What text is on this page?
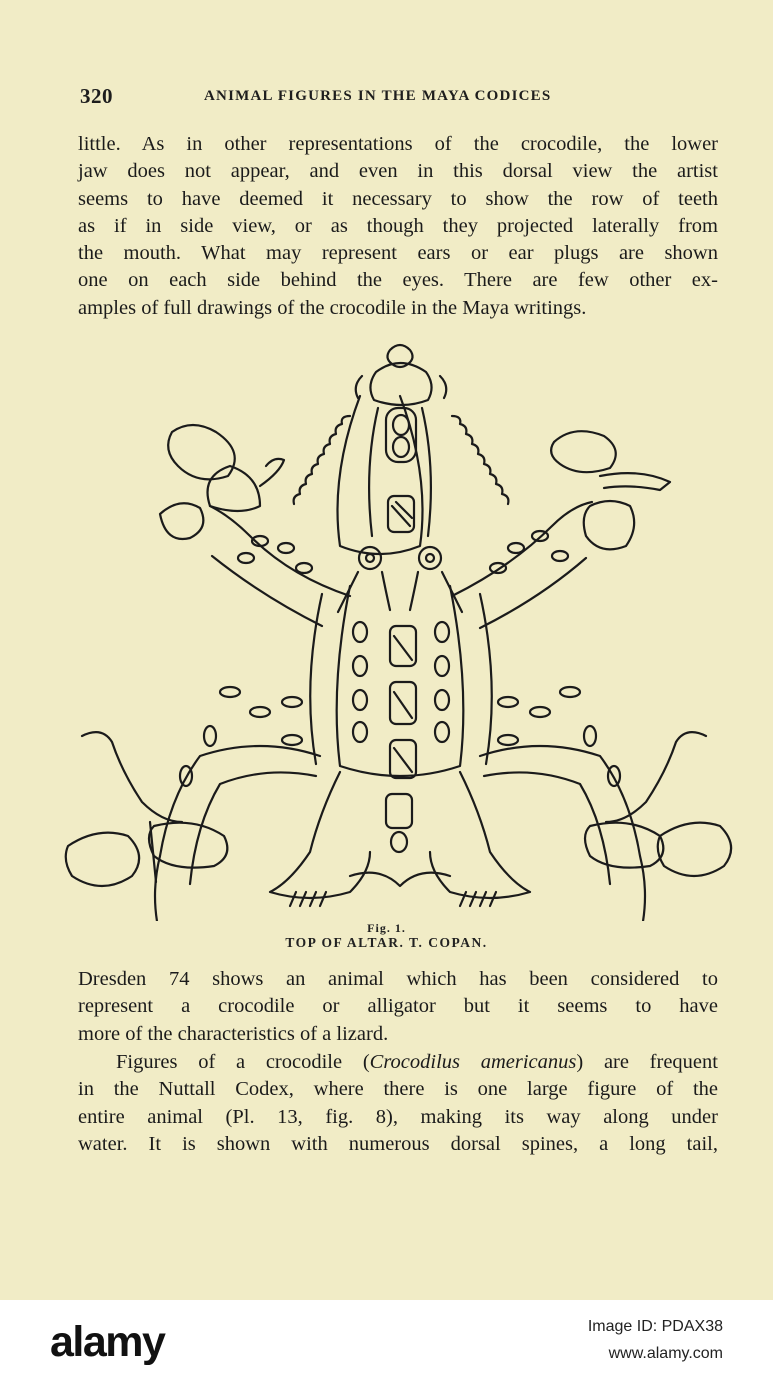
320	ANIMAL FIGURES IN THE MAYA CODICES
little. As in other representations of the crocodile, the lower
jaw does not appear, and even in this dorsal view the artist
seems to have deemed it necessary to show the row of teeth
as if in side view, or as though they projected laterally from
the mouth. What may represent ears or ear plugs are shown
one on each side behind the eyes. There are few other ex-
amples of full drawings of the crocodile in the Maya writings.
Fig. 1.
TOP OF ALTAR. T. COPAN.
Dresden 74 shows an animal which has been considered to
represent a crocodile or alligator but it seems to have
more of the characteristics of a lizard.
Figures of a crocodile (Crocodilus americanus) are frequent
in the Nuttall Codex, where there is one large figure of the
entire animal (Pl. 13, fig. 8), making its way along under
water. It is shown with numerous dorsal spines, a long tail,
alamy	Image ID: PDAX38
www.alamy.com
